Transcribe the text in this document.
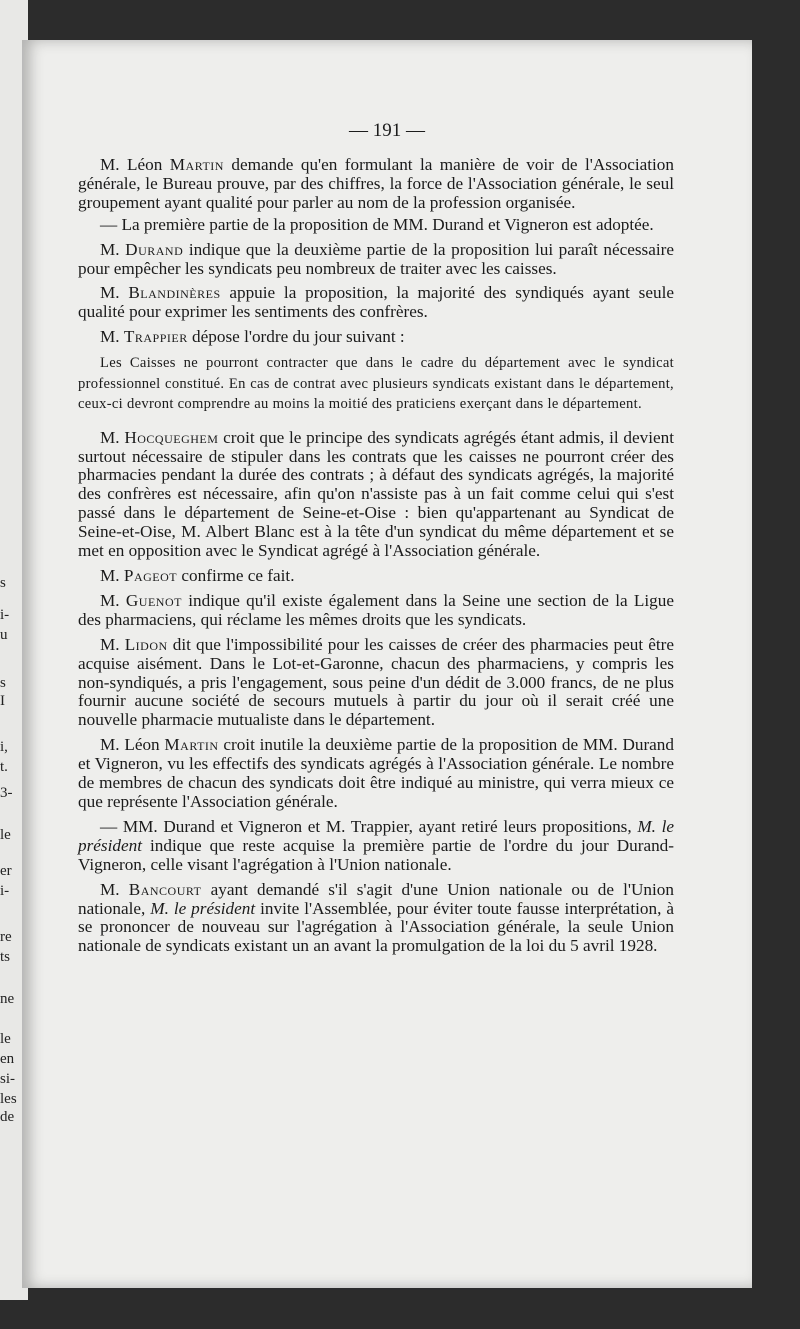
s
i-
u
s
I
i,
t.
3-
le
er
i-
re
ts
ne
le
en
si-
les
de
— 191 —

M. Léon Martin demande qu'en formulant la manière de voir de l'Association générale, le Bureau prouve, par des chiffres, la force de l'Association générale, le seul groupement ayant qualité pour parler au nom de la profession organisée.

— La première partie de la proposition de MM. Durand et Vigneron est adoptée.

M. Durand indique que la deuxième partie de la proposition lui paraît nécessaire pour empêcher les syndicats peu nombreux de traiter avec les caisses.

M. Blandinères appuie la proposition, la majorité des syndiqués ayant seule qualité pour exprimer les sentiments des confrères.

M. Trappier dépose l'ordre du jour suivant :

Les Caisses ne pourront contracter que dans le cadre du département avec le syndicat professionnel constitué. En cas de contrat avec plusieurs syndicats existant dans le département, ceux-ci devront comprendre au moins la moitié des praticiens exerçant dans le département.

M. Hocqueghem croit que le principe des syndicats agrégés étant admis, il devient surtout nécessaire de stipuler dans les contrats que les caisses ne pourront créer des pharmacies pendant la durée des contrats ; à défaut des syndicats agrégés, la majorité des confrères est nécessaire, afin qu'on n'assiste pas à un fait comme celui qui s'est passé dans le département de Seine-et-Oise : bien qu'appartenant au Syndicat de Seine-et-Oise, M. Albert Blanc est à la tête d'un syndicat du même département et se met en opposition avec le Syndicat agrégé à l'Association générale.

M. Pageot confirme ce fait.

M. Guenot indique qu'il existe également dans la Seine une section de la Ligue des pharmaciens, qui réclame les mêmes droits que les syndicats.

M. Lidon dit que l'impossibilité pour les caisses de créer des pharmacies peut être acquise aisément. Dans le Lot-et-Garonne, chacun des pharmaciens, y compris les non-syndiqués, a pris l'engagement, sous peine d'un dédit de 3.000 francs, de ne plus fournir aucune société de secours mutuels à partir du jour où il serait créé une nouvelle pharmacie mutualiste dans le département.

M. Léon Martin croit inutile la deuxième partie de la proposition de MM. Durand et Vigneron, vu les effectifs des syndicats agrégés à l'Association générale. Le nombre de membres de chacun des syndicats doit être indiqué au ministre, qui verra mieux ce que représente l'Association générale.

— MM. Durand et Vigneron et M. Trappier, ayant retiré leurs propositions, M. le président indique que reste acquise la première partie de l'ordre du jour Durand-Vigneron, celle visant l'agrégation à l'Union nationale.

M. Bancourt ayant demandé s'il s'agit d'une Union nationale ou de l'Union nationale, M. le président invite l'Assemblée, pour éviter toute fausse interprétation, à se prononcer de nouveau sur l'agrégation à l'Association générale, la seule Union nationale de syndicats existant un an avant la promulgation de la loi du 5 avril 1928.
